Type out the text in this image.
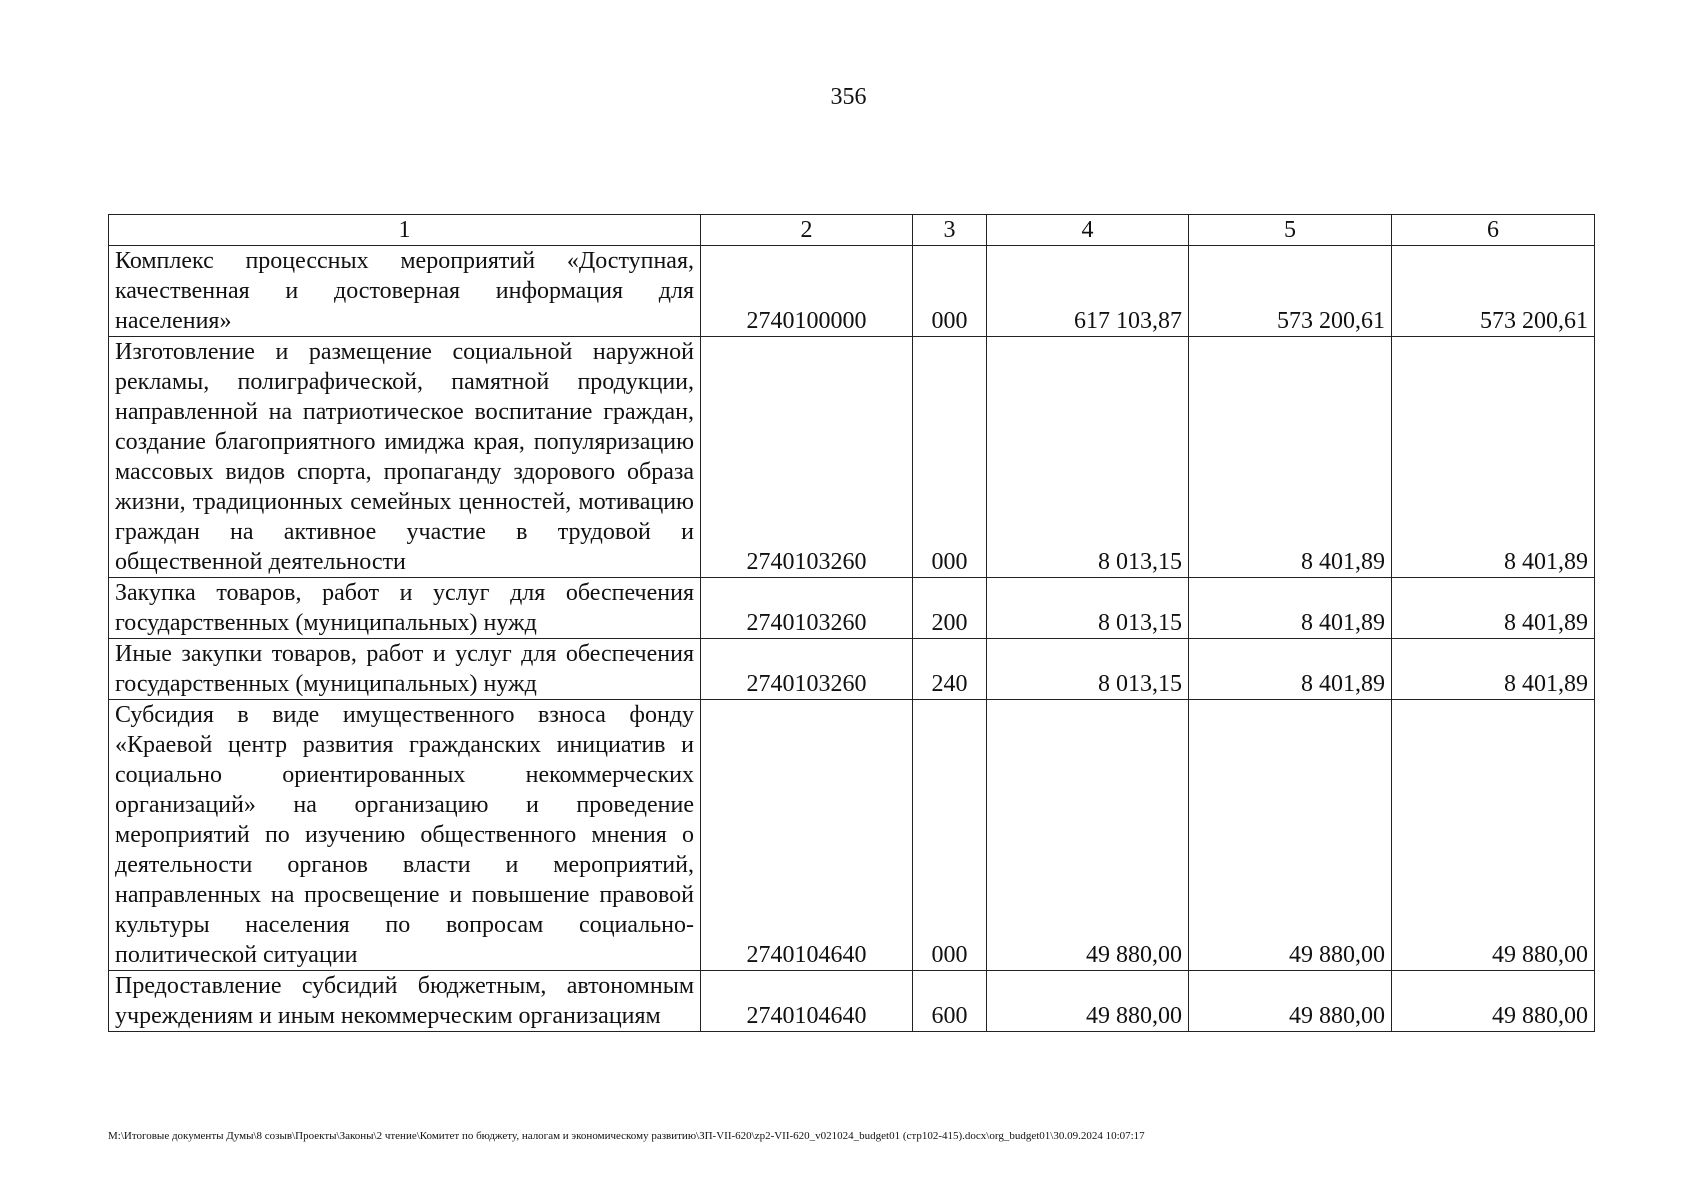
356
1	2	3	4	5	6
Комплекс процессных мероприятий «Доступная, качественная и достоверная информация для населения»	2740100000	000	617 103,87	573 200,61	573 200,61
Изготовление и размещение социальной наружной рекламы, полиграфической, памятной продукции, направленной на патриотическое воспитание граждан, создание благоприятного имиджа края, популяризацию массовых видов спорта, пропаганду здорового образа жизни, традиционных семейных ценностей, мотивацию граждан на активное участие в трудовой и общественной деятельности	2740103260	000	8 013,15	8 401,89	8 401,89
Закупка товаров, работ и услуг для обеспечения государственных (муниципальных) нужд	2740103260	200	8 013,15	8 401,89	8 401,89
Иные закупки товаров, работ и услуг для обеспечения государственных (муниципальных) нужд	2740103260	240	8 013,15	8 401,89	8 401,89
Субсидия в виде имущественного взноса фонду «Краевой центр развития гражданских инициатив и социально ориентированных некоммерческих организаций» на организацию и проведение мероприятий по изучению общественного мнения о деятельности органов власти и мероприятий, направленных на просвещение и повышение правовой культуры населения по вопросам социально-политической ситуации	2740104640	000	49 880,00	49 880,00	49 880,00
Предоставление субсидий бюджетным, автономным учреждениям и иным некоммерческим организациям	2740104640	600	49 880,00	49 880,00	49 880,00
М:\Итоговые документы Думы\8 созыв\Проекты\Законы\2 чтение\Комитет по бюджету, налогам и экономическому развитию\ЗП-VII-620\zp2-VII-620_v021024_budget01 (стр102-415).docx\org_budget01\30.09.2024 10:07:17
